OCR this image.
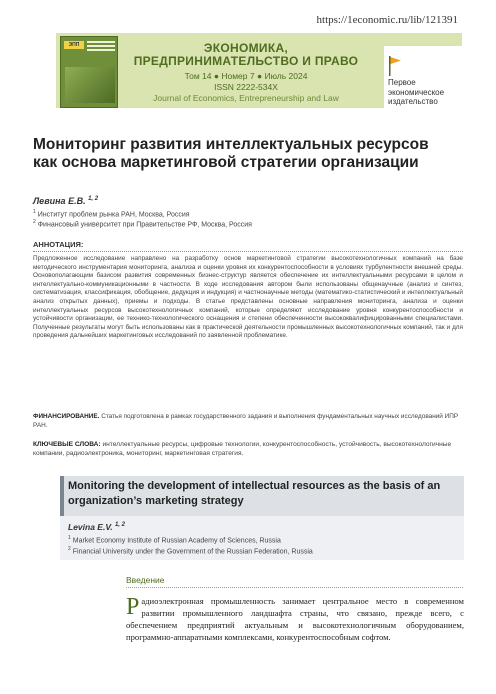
https://1economic.ru/lib/121391
ЭПП	ЭКОНОМИКА,
ПРЕДПРИНИМАТЕЛЬСТВО И ПРАВО
Том 14 ● Номер 7 ● Июль 2024
ISSN 2222-534X
Journal of Economics, Entrepreneurship and Law
Первое
экономическое
издательство
Мониторинг развития интеллектуальных ресурсов как основа маркетинговой стратегии организации
Левина Е.В. $^{1, 2}$
$^1$ Институт проблем рынка РАН, Москва, Россия
$^2$ Финансовый университет при Правительстве РФ, Москва, Россия
АННОТАЦИЯ:

Предложенное исследование направлено на разработку основ маркетинговой стратегии высокотехнологичных компаний на базе методического инструментария мониторинга, анализа и оценки уровня их конкурентоспособности в условиях турбулентности внешней среды. Основополагающим базисом развития современных бизнес-структур является обеспечение их интеллектуальными ресурсами в целом и интеллектуально-коммуникационными в частности. В ходе исследования автором были использованы общенаучные (анализ и синтез, систематизация, классификация, обобщение, дедукция и индукция) и частнонаучные методы (математико-статистический и интеллектуальный анализ открытых данных), приемы и подходы. В статье представлены основные направления мониторинга, анализа и оценки интеллектуальных ресурсов высокотехнологичных компаний, которые определяют исследование уровня конкурентоспособности и устойчивости организации, ее технико-технологического оснащения и степени обеспеченности высококвалифицированными специалистами. Полученные результаты могут быть использованы как в практической деятельности промышленных высокотехнологичных компаний, так и для проведения дальнейших маркетинговых исследований по заявленной проблематике.

ФИНАНСИРОВАНИЕ. Статья подготовлена в рамках государственного задания и выполнения фундаментальных научных исследований ИПР РАН.

КЛЮЧЕВЫЕ СЛОВА: интеллектуальные ресурсы, цифровые технологии, конкурентоспособность, устойчивость, высокотехнологичные компании, радиоэлектроника, мониторинг, маркетинговая стратегия.

Monitoring the development of intellectual resources as the basis of an organization’s marketing strategy
Levina E.V. $^{1, 2}$
$^1$ Market Economy Institute of Russian Academy of Sciences, Russia
$^2$ Financial University under the Government of the Russian Federation, Russia
Введение

Радиоэлектронная промышленность занимает центральное место в современном развитии промышленного ландшафта страны, что связано, прежде всего, с обеспечением предприятий актуальным и высокотехнологичным оборудованием, программно-аппаратными комплексами, конкурентоспособным софтом.
